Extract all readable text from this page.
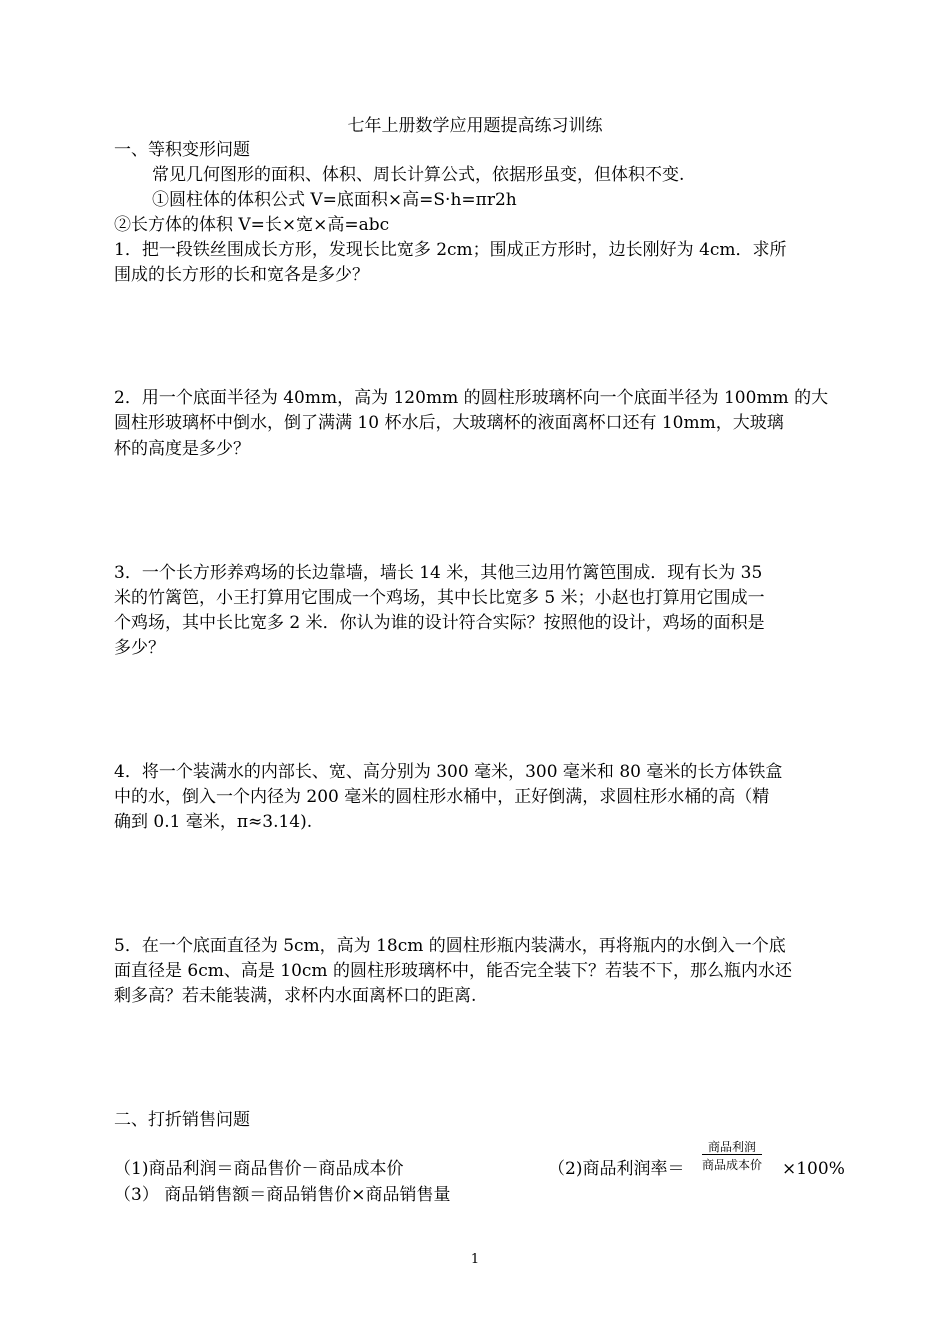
七年上册数学应用题提高练习训练
一、等积变形问题
常见几何图形的面积、体积、周长计算公式，依据形虽变，但体积不变.
①圆柱体的体积公式 V=底面积×高=S·h=πr2h
②长方体的体积 V=长×宽×高=abc
1．把一段铁丝围成长方形，发现长比宽多 2cm；围成正方形时，边长刚好为 4cm．求所
围成的长方形的长和宽各是多少？
2．用一个底面半径为 40mm，高为 120mm 的圆柱形玻璃杯向一个底面半径为 100mm 的大
圆柱形玻璃杯中倒水，倒了满满 10 杯水后，大玻璃杯的液面离杯口还有 10mm，大玻璃
杯的高度是多少？
3．一个长方形养鸡场的长边靠墙，墙长 14 米，其他三边用竹篱笆围成．现有长为 35
米的竹篱笆，小王打算用它围成一个鸡场，其中长比宽多 5 米；小赵也打算用它围成一
个鸡场，其中长比宽多 2 米．你认为谁的设计符合实际？按照他的设计，鸡场的面积是
多少？
4．将一个装满水的内部长、宽、高分别为 300 毫米，300 毫米和 80 毫米的长方体铁盒
中的水，倒入一个内径为 200 毫米的圆柱形水桶中，正好倒满，求圆柱形水桶的高（精
确到 0.1 毫米，π≈3.14).
5．在一个底面直径为 5cm，高为 18cm 的圆柱形瓶内装满水，再将瓶内的水倒入一个底
面直径是 6cm、高是 10cm 的圆柱形玻璃杯中，能否完全装下？若装不下，那么瓶内水还
剩多高？若未能装满，求杯内水面离杯口的距离.
二、打折销售问题
（1)商品利润＝商品售价－商品成本价	（2)商品利润率＝
商品利润
商品成本价 ×100%
（3） 商品销售额＝商品销售价×商品销售量
1
